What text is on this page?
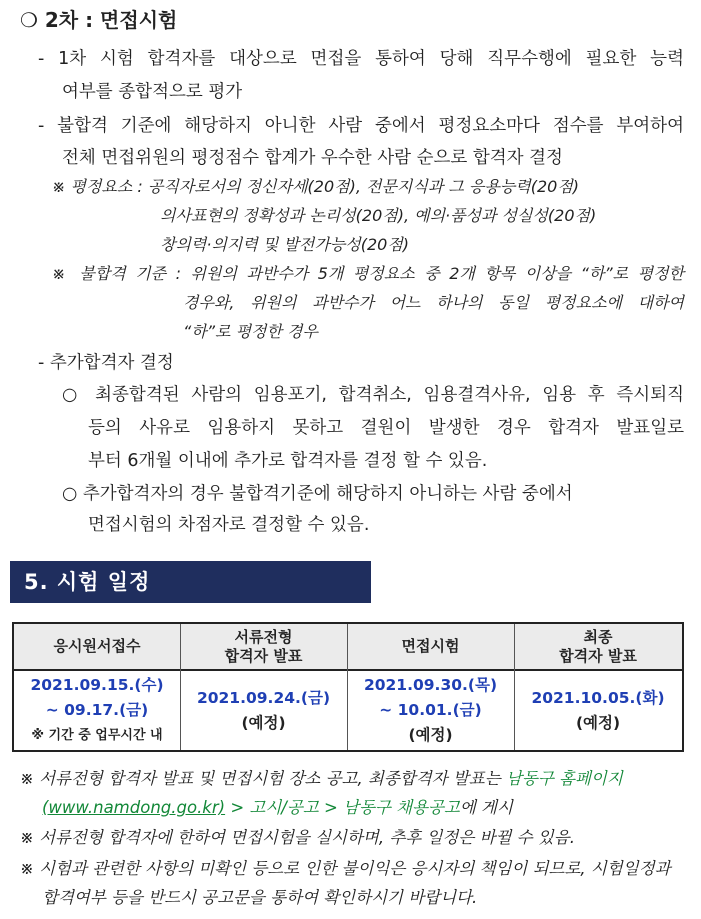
❍ 2차 : 면접시험
- 1차 시험 합격자를 대상으로 면접을 통하여 당해 직무수행에 필요한 능력
여부를 종합적으로 평가
- 불합격 기준에 해당하지 아니한 사람 중에서 평정요소마다 점수를 부여하여
전체 면접위원의 평정점수 합계가 우수한 사람 순으로 합격자 결정
※ 평정요소 : 공직자로서의 정신자세(20점), 전문지식과 그 응용능력(20점)
의사표현의 정확성과 논리성(20점), 예의·품성과 성실성(20점)
창의력·의지력 및 발전가능성(20점)
※ 불합격 기준 : 위원의 과반수가 5개 평정요소 중 2개 항목 이상을 “하”로 평정한
경우와, 위원의 과반수가 어느 하나의 동일 평정요소에 대하여
“하”로 평정한 경우
- 추가합격자 결정
○ 최종합격된 사람의 임용포기, 합격취소, 임용결격사유, 임용 후 즉시퇴직
등의 사유로 임용하지 못하고 결원이 발생한 경우 합격자 발표일로
부터 6개월 이내에 추가로 합격자를 결정 할 수 있음.
○ 추가합격자의 경우 불합격기준에 해당하지 아니하는 사람 중에서
면접시험의 차점자로 결정할 수 있음.
5. 시험 일정
응시원서접수
서류전형
합격자 발표
면접시험
최종
합격자 발표
2021.09.15.(수)
~ 09.17.(금)
※ 기간 중 업무시간 내
2021.09.24.(금)
(예정)
2021.09.30.(목)
~ 10.01.(금)
(예정)
2021.10.05.(화)
(예정)
※ 서류전형 합격자 발표 및 면접시험 장소 공고, 최종합격자 발표는 남동구 홈페이지
(www.namdong.go.kr) > 고시/공고 > 남동구 채용공고에 게시
※ 서류전형 합격자에 한하여 면접시험을 실시하며, 추후 일정은 바뀔 수 있음.
※ 시험과 관련한 사항의 미확인 등으로 인한 불이익은 응시자의 책임이 되므로, 시험일정과
합격여부 등을 반드시 공고문을 통하여 확인하시기 바랍니다.
